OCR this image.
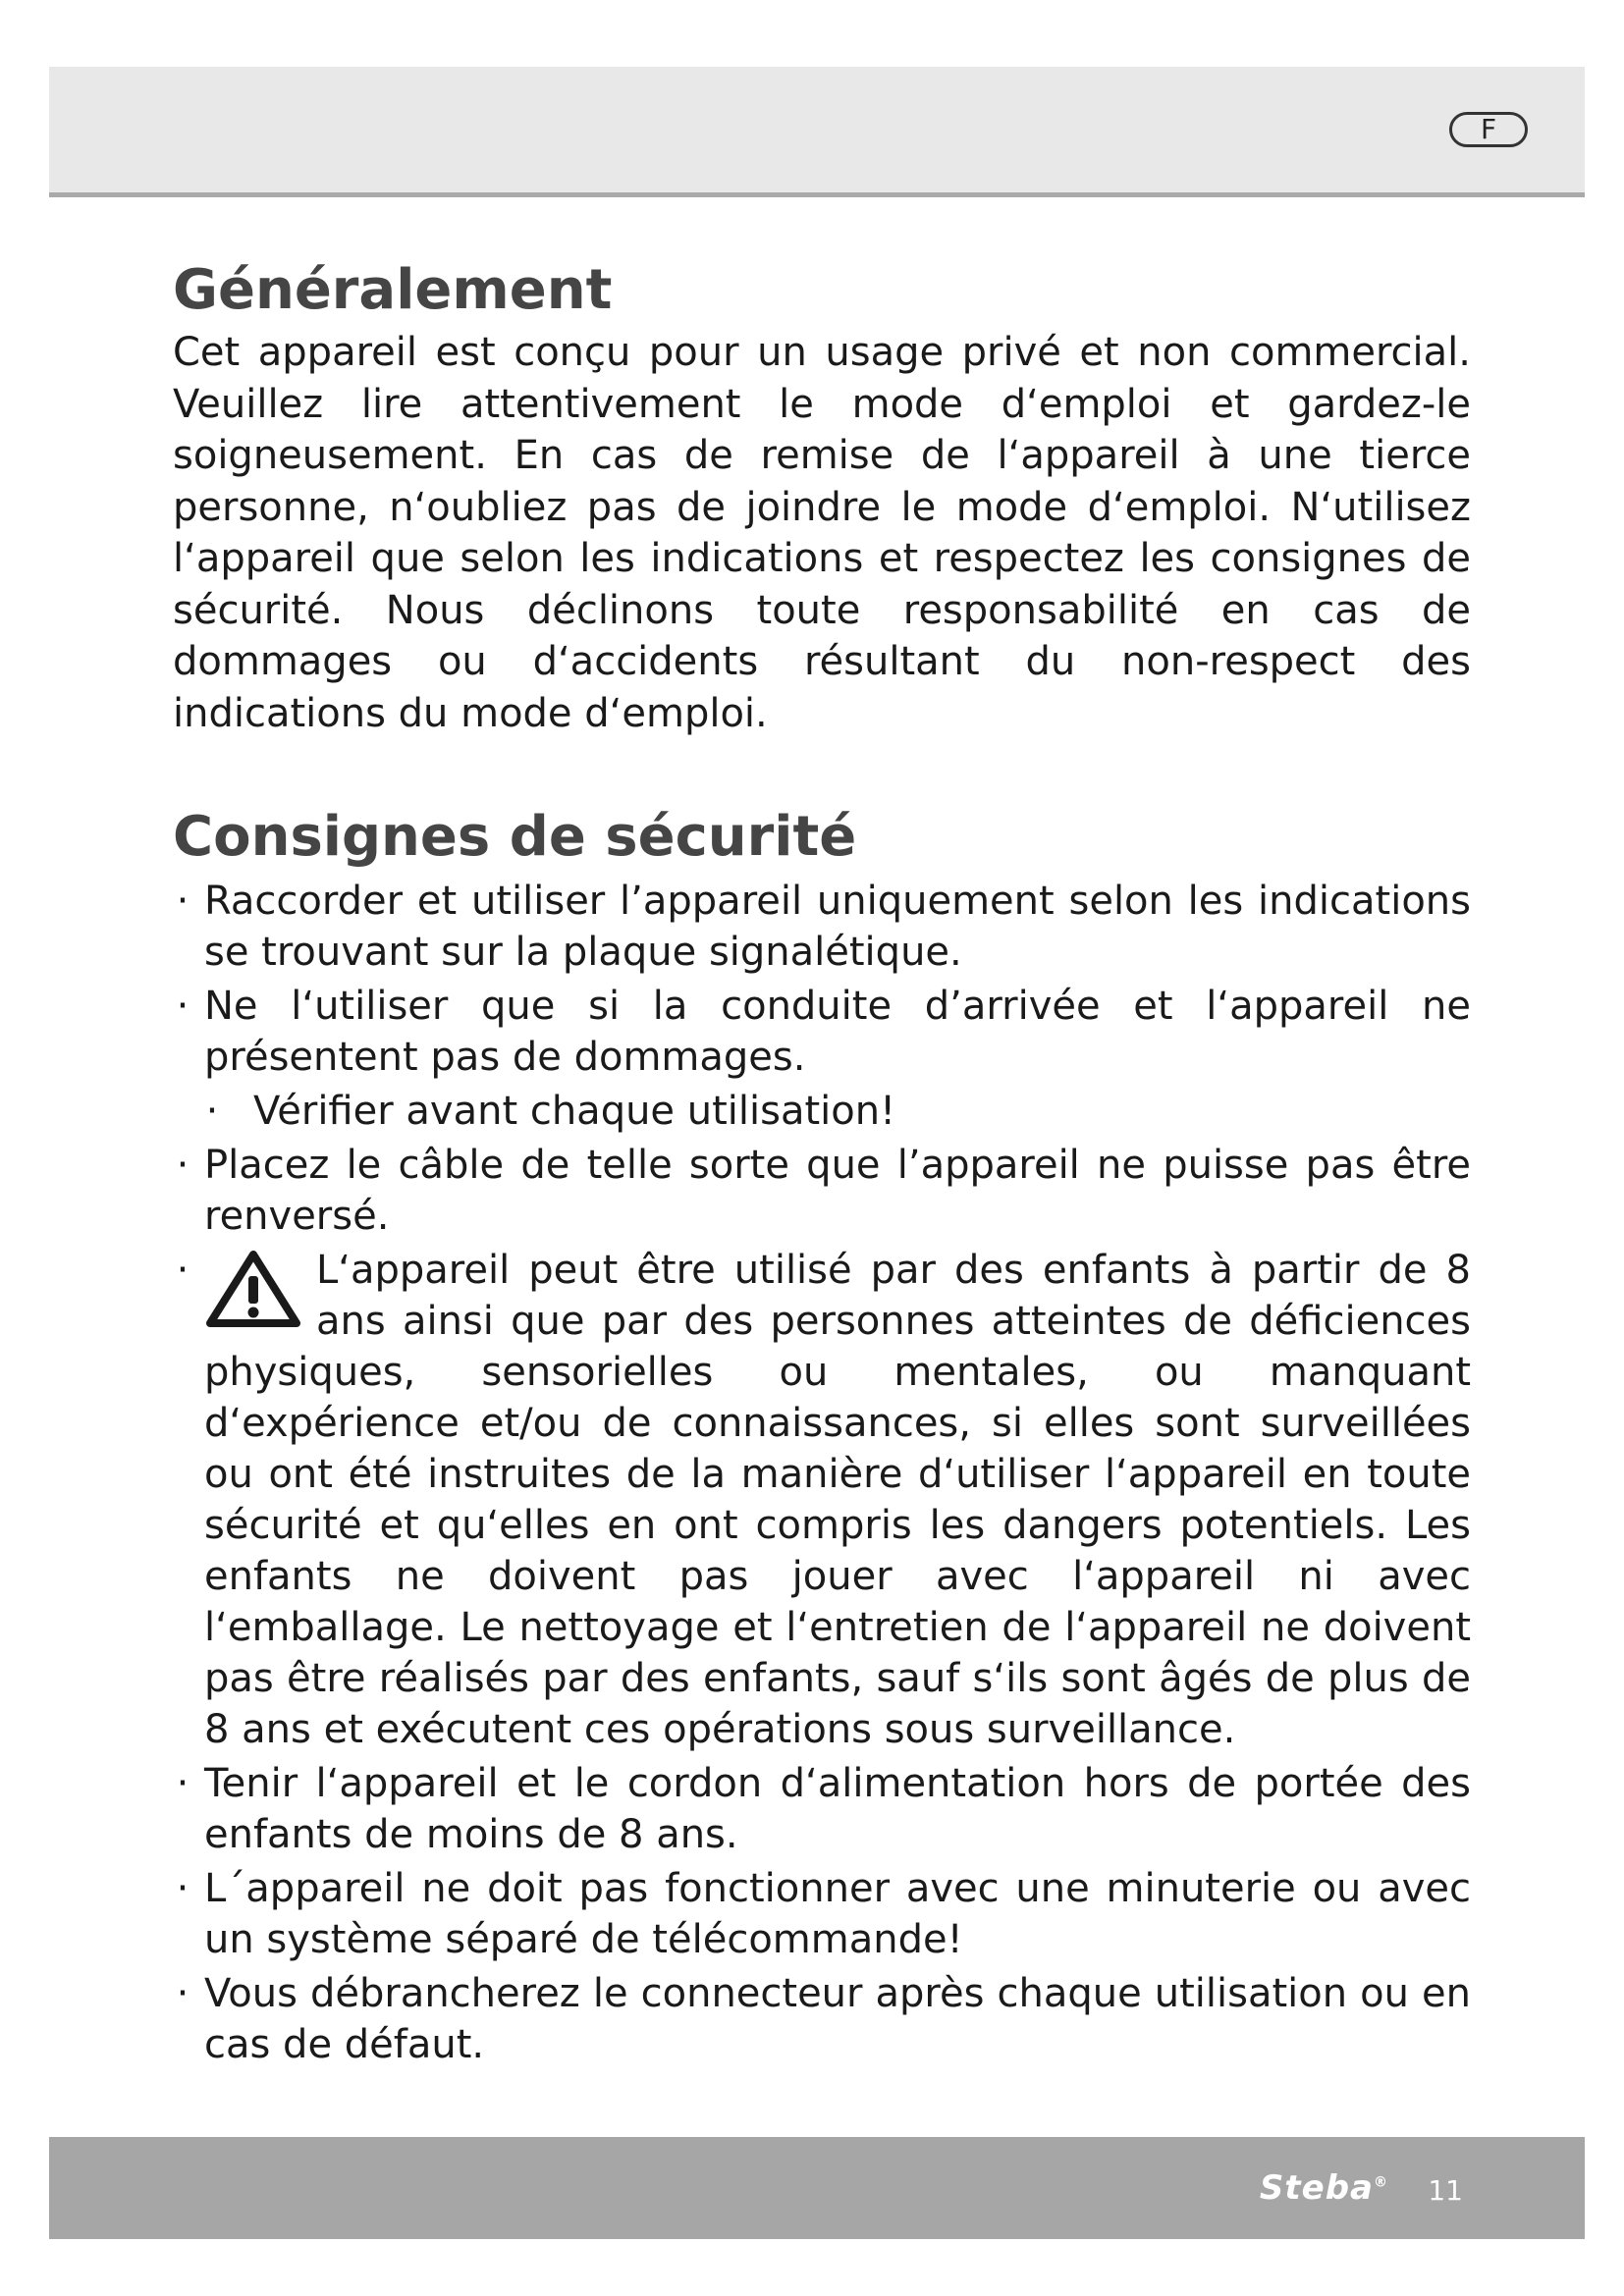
F
Généralement

Cet appareil est conçu pour un usage privé et non commercial. Veuillez lire attentivement le mode d‘emploi et gardez-le soigneusement. En cas de remise de l‘appareil à une tierce personne, n‘oubliez pas de joindre le mode d‘emploi. N‘utilisez l‘appareil que selon les indications et respectez les consignes de sécurité. Nous déclinons toute responsabilité en cas de dommages ou d‘accidents résultant du non-respect des indications du mode d‘emploi.

Consignes de sécurité
· Raccorder et utiliser l’appareil uniquement selon les indications se trouvant sur la plaque signalétique.
· Ne l‘utiliser que si la conduite d’arrivée et l‘appareil ne présentent pas de dommages.
· Vérifier avant chaque utilisation!
· Placez le câble de telle sorte que l’appareil ne puisse pas être renversé.
·	L‘appareil peut être utilisé par des enfants à partir de 8 ans ainsi que par des personnes atteintes de déficiences physiques, sensorielles ou mentales, ou manquant d‘expérience et/ou de connaissances, si elles sont surveillées ou ont été instruites de la manière d‘utiliser l‘appareil en toute sécurité et qu‘elles en ont compris les dangers potentiels. Les enfants ne doivent pas jouer avec l‘appareil ni avec l‘emballage. Le nettoyage et l‘entretien de l‘appareil ne doivent pas être réalisés par des enfants, sauf s‘ils sont âgés de plus de 8 ans et exécutent ces opérations sous surveillance.
· Tenir l‘appareil et le cordon d‘alimentation hors de portée des enfants de moins de 8 ans.
· L´appareil ne doit pas fonctionner avec une minuterie ou avec un système séparé de télécommande!
· Vous débrancherez le connecteur après chaque utilisation ou en cas de défaut.
Steba® 11
